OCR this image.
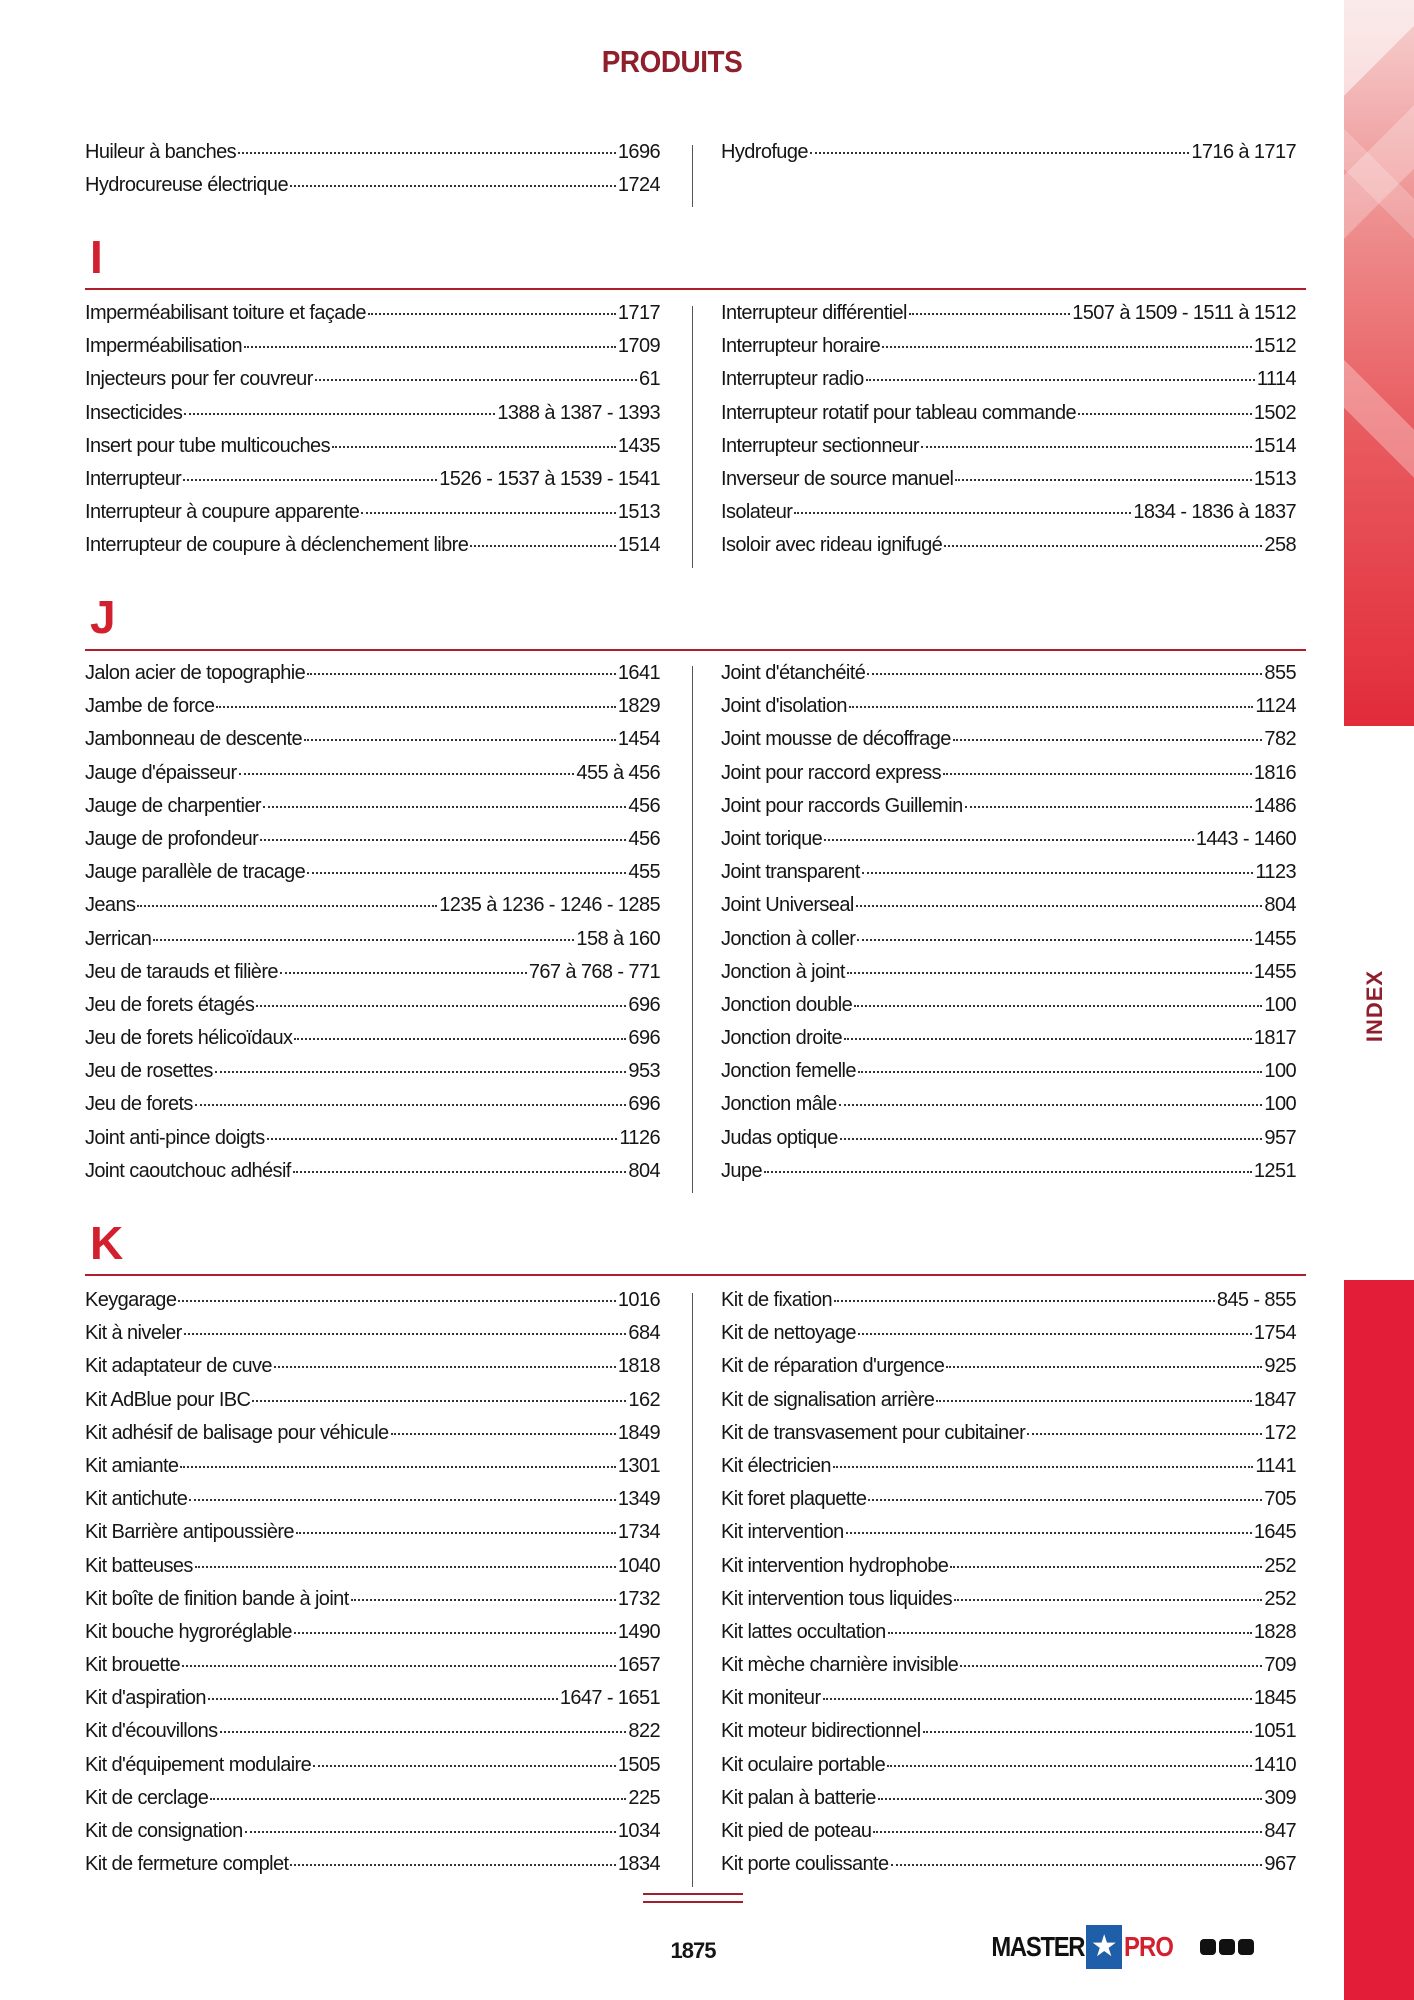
INDEX
PRODUITS
Huileur à banches	1696
Hydrocureuse électrique	1724
Hydrofuge	1716 à 1717
I
Imperméabilisant toiture et façade	1717
Imperméabilisation	1709
Injecteurs pour fer couvreur	61
Insecticides	1388 à 1387 - 1393
Insert pour tube multicouches	1435
Interrupteur	1526 - 1537 à 1539 - 1541
Interrupteur à coupure apparente	1513
Interrupteur de coupure à déclenchement libre	1514
Interrupteur différentiel	1507 à 1509 - 1511 à 1512
Interrupteur horaire	1512
Interrupteur radio	1114
Interrupteur rotatif pour tableau commande	1502
Interrupteur sectionneur	1514
Inverseur de source manuel	1513
Isolateur	1834 - 1836 à 1837
Isoloir avec rideau ignifugé	258
J
Jalon acier de topographie	1641
Jambe de force	1829
Jambonneau de descente	1454
Jauge d'épaisseur	455 à 456
Jauge de charpentier	456
Jauge de profondeur	456
Jauge parallèle de tracage	455
Jeans	1235 à 1236 - 1246 - 1285
Jerrican	158 à 160
Jeu de tarauds et filière	767 à 768 - 771
Jeu de forets étagés	696
Jeu de forets hélicoïdaux	696
Jeu de rosettes	953
Jeu de forets	696
Joint anti-pince doigts	1126
Joint caoutchouc adhésif	804
Joint d'étanchéité	855
Joint d'isolation	1124
Joint mousse de décoffrage	782
Joint pour raccord express	1816
Joint pour raccords Guillemin	1486
Joint torique	1443 - 1460
Joint transparent	1123
Joint Universeal	804
Jonction à coller	1455
Jonction à joint	1455
Jonction double	100
Jonction droite	1817
Jonction femelle	100
Jonction mâle	100
Judas optique	957
Jupe	1251
K
Keygarage	1016
Kit à niveler	684
Kit adaptateur de cuve	1818
Kit AdBlue pour IBC	162
Kit adhésif de balisage pour véhicule	1849
Kit amiante	1301
Kit antichute	1349
Kit Barrière antipoussière	1734
Kit batteuses	1040
Kit boîte de finition bande à joint	1732
Kit bouche hygroréglable	1490
Kit brouette	1657
Kit d'aspiration	1647 - 1651
Kit d'écouvillons	822
Kit d'équipement modulaire	1505
Kit de cerclage	225
Kit de consignation	1034
Kit de fermeture complet	1834
Kit de fixation	845 - 855
Kit de nettoyage	1754
Kit de réparation d'urgence	925
Kit de signalisation arrière	1847
Kit de transvasement pour cubitainer	172
Kit électricien	1141
Kit foret plaquette	705
Kit intervention	1645
Kit intervention hydrophobe	252
Kit intervention tous liquides	252
Kit lattes occultation	1828
Kit mèche charnière invisible	709
Kit moniteur	1845
Kit moteur bidirectionnel	1051
Kit oculaire portable	1410
Kit palan à batterie	309
Kit pied de poteau	847
Kit porte coulissante	967
1875	MASTER ★ PRO
